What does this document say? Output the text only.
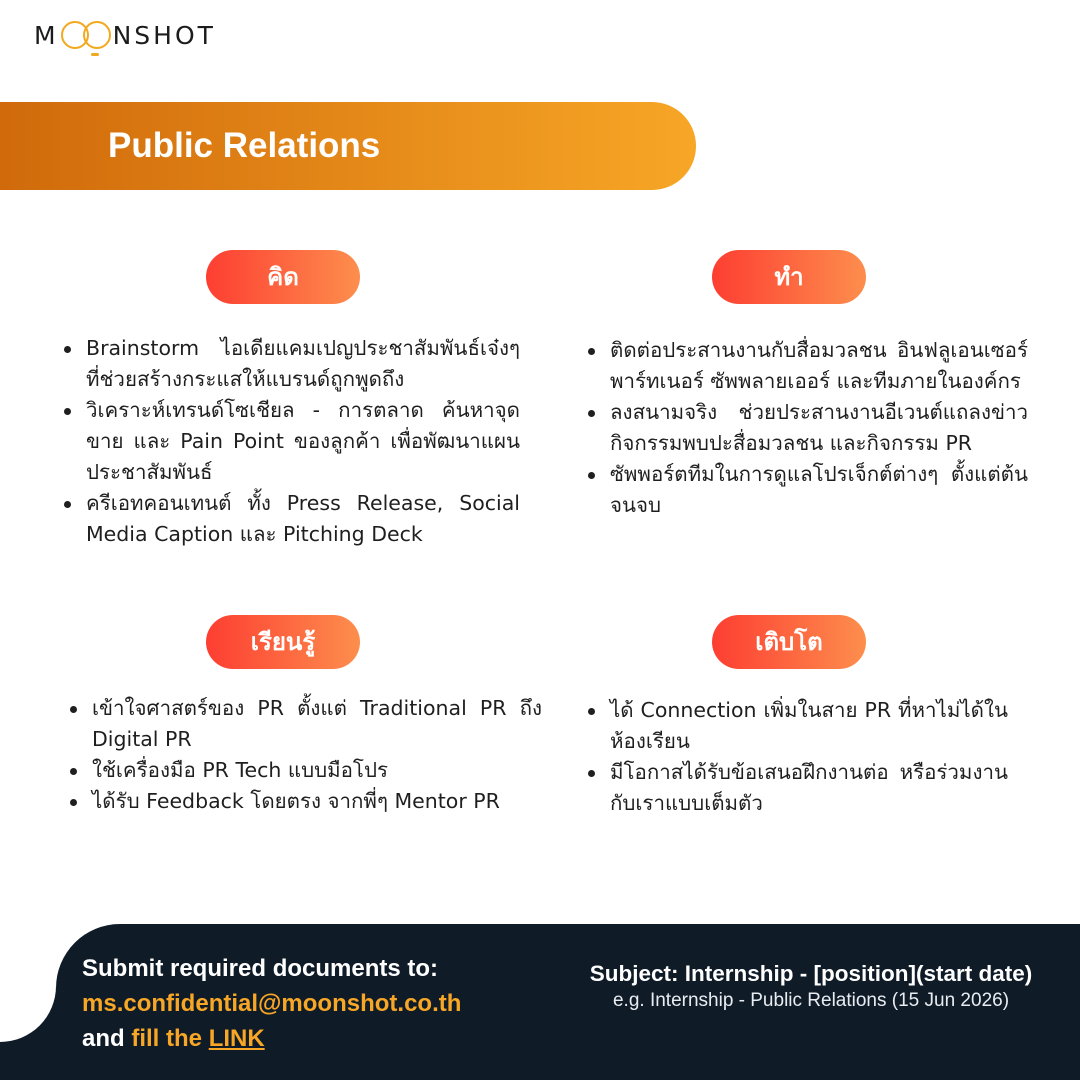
M NSHOT
Public Relations
คิด
Brainstorm ไอเดียแคมเปญประชาสัมพันธ์เจ๋งๆ ที่ช่วยสร้างกระแสให้แบรนด์ถูกพูดถึง
วิเคราะห์เทรนด์โซเชียล - การตลาด ค้นหาจุดขาย และ Pain Point ของลูกค้า เพื่อพัฒนาแผนประชาสัมพันธ์
ครีเอทคอนเทนต์ ทั้ง Press Release, Social Media Caption และ Pitching Deck
ทำ
ติดต่อประสานงานกับสื่อมวลชน อินฟลูเอนเซอร์ พาร์ทเนอร์ ซัพพลายเออร์ และทีมภายในองค์กร
ลงสนามจริง ช่วยประสานงานอีเวนต์แถลงข่าว กิจกรรมพบปะสื่อมวลชน และกิจกรรม PR
ซัพพอร์ตทีมในการดูแลโปรเจ็กต์ต่างๆ ตั้งแต่ต้นจนจบ
เรียนรู้
เข้าใจศาสตร์ของ PR ตั้งแต่ Traditional PR ถึง Digital PR
ใช้เครื่องมือ PR Tech แบบมือโปร
ได้รับ Feedback โดยตรง จากพี่ๆ Mentor PR
เติบโต
ได้ Connection เพิ่มในสาย PR ที่หาไม่ได้ในห้องเรียน
มีโอกาสได้รับข้อเสนอฝึกงานต่อ หรือร่วมงานกับเราแบบเต็มตัว
Submit required documents to:
ms.confidential@moonshot.co.th
and fill the LINK
Subject: Internship - [position](start date)
e.g. Internship - Public Relations (15 Jun 2026)
